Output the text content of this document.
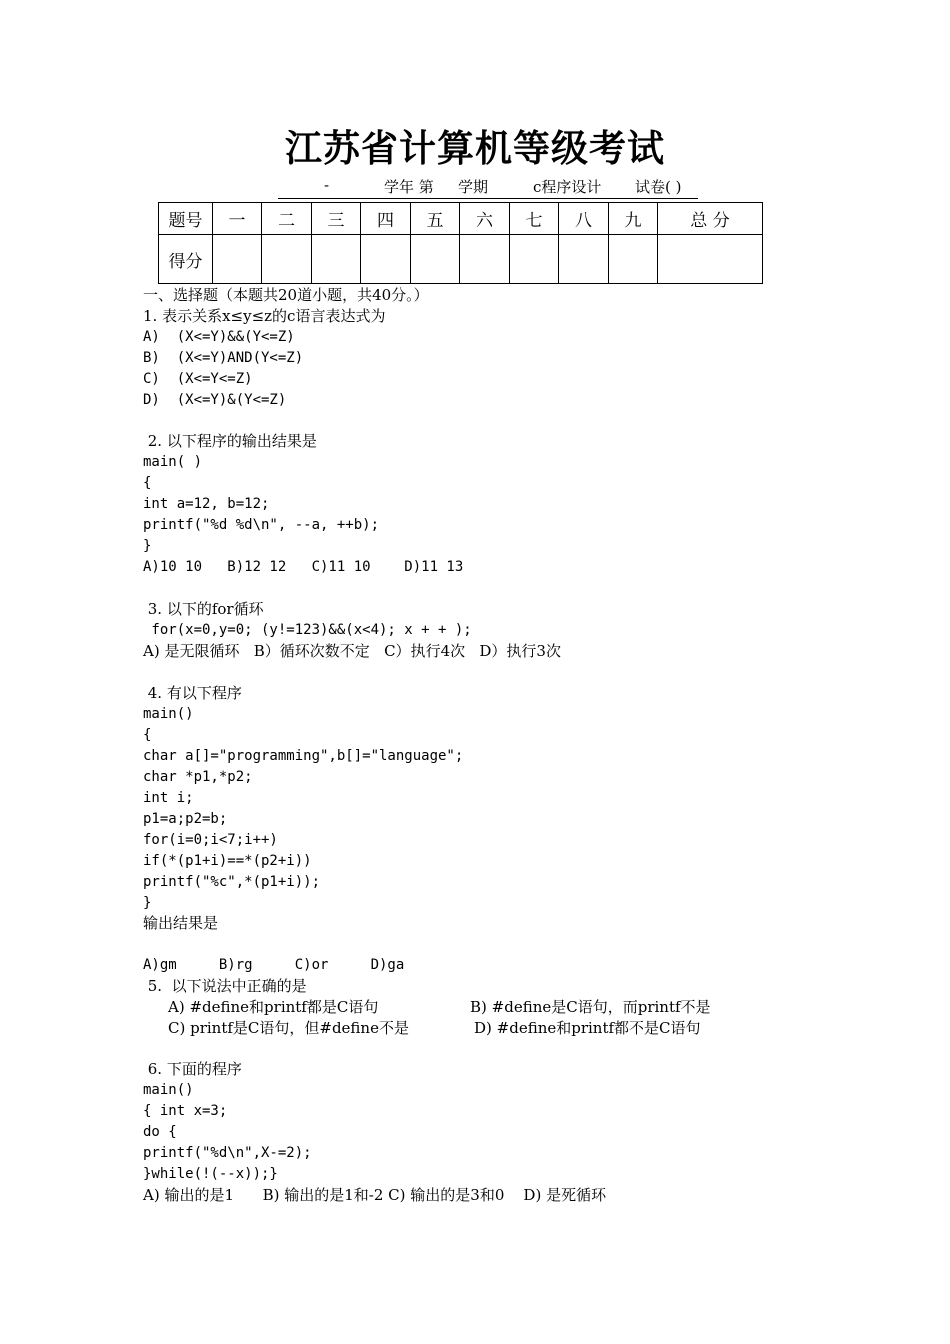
江苏省计算机等级考试

-

	学年 第

学期

	c程序设计

试卷( )

题号	一	二	三	四	五	六	七	八	九	总 分
得分										
一、选择题（本题共20道小题，共40分。）
1. 表示关系x≤y≤z的c语言表达式为
A)  (X<=Y)&&(Y<=Z)
B)  (X<=Y)AND(Y<=Z)
C)  (X<=Y<=Z)
D)  (X<=Y)&(Y<=Z)
2. 以下程序的输出结果是
main( )
{
int a=12, b=12;
printf("%d %d\n", --a, ++b);
}
A)10 10   B)12 12   C)11 10    D)11 13
3. 以下的for循环
for(x=0,y=0; (y!=123)&&(x<4); x + + );
A) 是无限循环   B）循环次数不定   C）执行4次   D）执行3次
4. 有以下程序
main()
{
char a[]="programming",b[]="language";
char *p1,*p2;
int i;
p1=a;p2=b;
for(i=0;i<7;i++)
if(*(p1+i)==*(p2+i))
printf("%c",*(p1+i));
}
输出结果是
A)gm     B)rg     C)or     D)ga
5.  以下说法中正确的是
A) #define和printf都是C语句	B) #define是C语句，而printf不是
C) printf是C语句，但#define不是	D) #define和printf都不是C语句
6. 下面的程序
main()
{ int x=3;
do {
printf("%d\n",X-=2);
}while(!(--x));}
A) 输出的是1      B) 输出的是1和-2 C) 输出的是3和0    D) 是死循环
